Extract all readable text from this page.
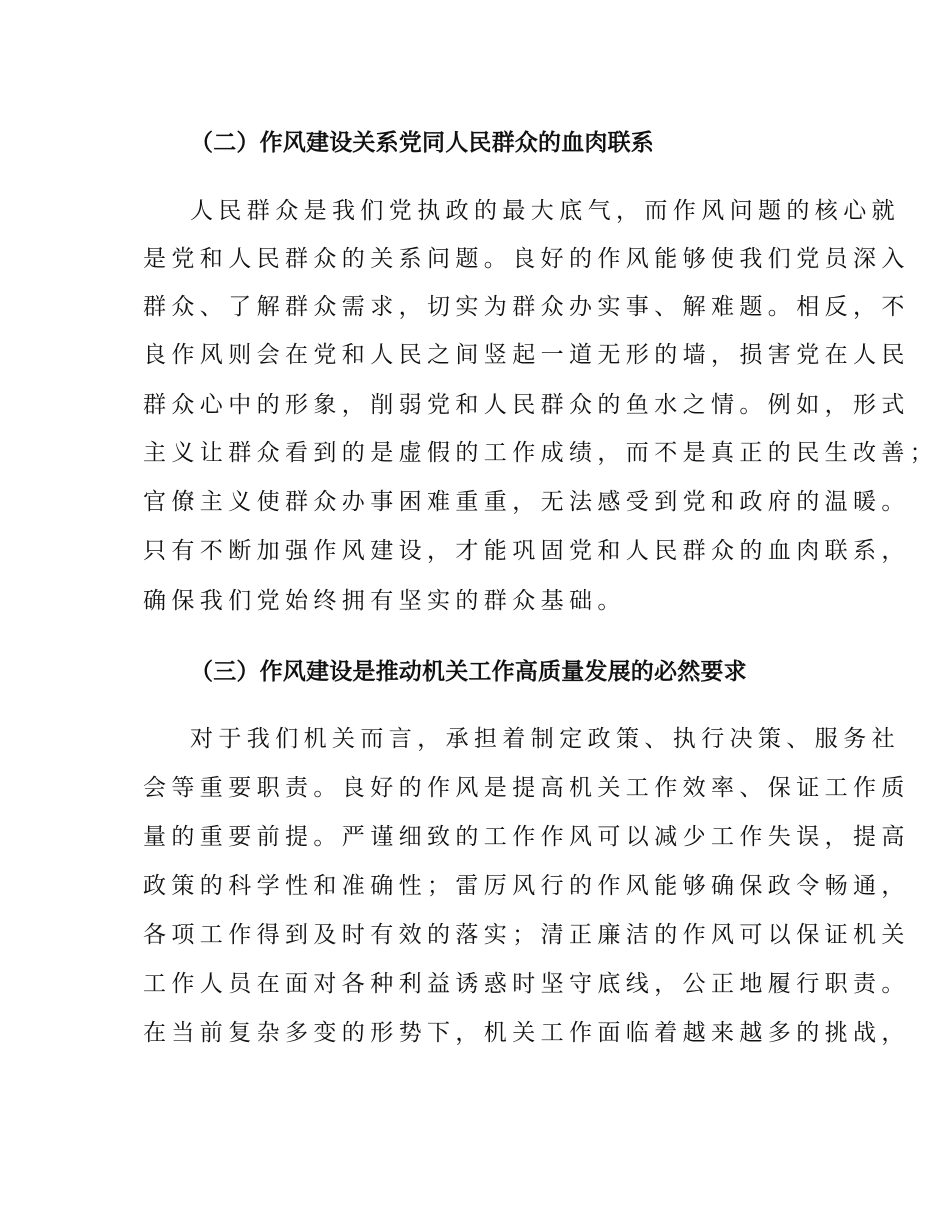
（二）作风建设关系党同人民群众的血肉联系
人民群众是我们党执政的最大底气，而作风问题的核心就
是党和人民群众的关系问题。良好的作风能够使我们党员深入
群众、了解群众需求，切实为群众办实事、解难题。相反，不
良作风则会在党和人民之间竖起一道无形的墙，损害党在人民
群众心中的形象，削弱党和人民群众的鱼水之情。例如，形式
主义让群众看到的是虚假的工作成绩，而不是真正的民生改善；
官僚主义使群众办事困难重重，无法感受到党和政府的温暖。
只有不断加强作风建设，才能巩固党和人民群众的血肉联系，
确保我们党始终拥有坚实的群众基础。
（三）作风建设是推动机关工作高质量发展的必然要求
对于我们机关而言，承担着制定政策、执行决策、服务社
会等重要职责。良好的作风是提高机关工作效率、保证工作质
量的重要前提。严谨细致的工作作风可以减少工作失误，提高
政策的科学性和准确性；雷厉风行的作风能够确保政令畅通，
各项工作得到及时有效的落实；清正廉洁的作风可以保证机关
工作人员在面对各种利益诱惑时坚守底线，公正地履行职责。
在当前复杂多变的形势下，机关工作面临着越来越多的挑战，
